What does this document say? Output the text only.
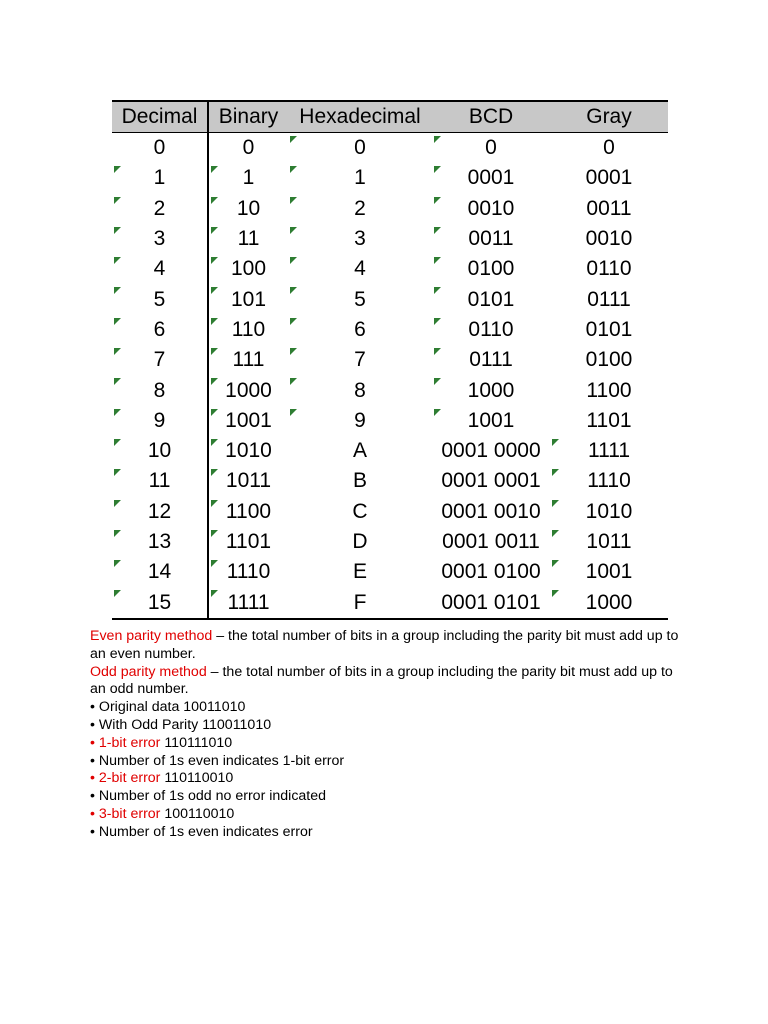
Decimal	Binary	Hexadecimal	BCD	Gray
0	0	0	0	0
1	1	1	0001	0001
2	10	2	0010	0011
3	11	3	0011	0010
4	100	4	0100	0110
5	101	5	0101	0111
6	110	6	0110	0101
7	111	7	0111	0100
8	1000	8	1000	1100
9	1001	9	1001	1101
10	1010	A	0001 0000	1111
11	1011	B	0001 0001	1110
12	1100	C	0001 0010	1010
13	1101	D	0001 0011	1011
14	1110	E	0001 0100	1001
15	1111	F	0001 0101	1000

Even parity method – the total number of bits in a group including the parity bit must add up to an even number.

Odd parity method – the total number of bits in a group including the parity bit must add up to an odd number.

• Original data 10011010

• With Odd Parity 110011010

• 1-bit error 110111010

• Number of 1s even indicates 1-bit error

• 2-bit error 110110010

• Number of 1s odd no error indicated

• 3-bit error 100110010

• Number of 1s even indicates error
